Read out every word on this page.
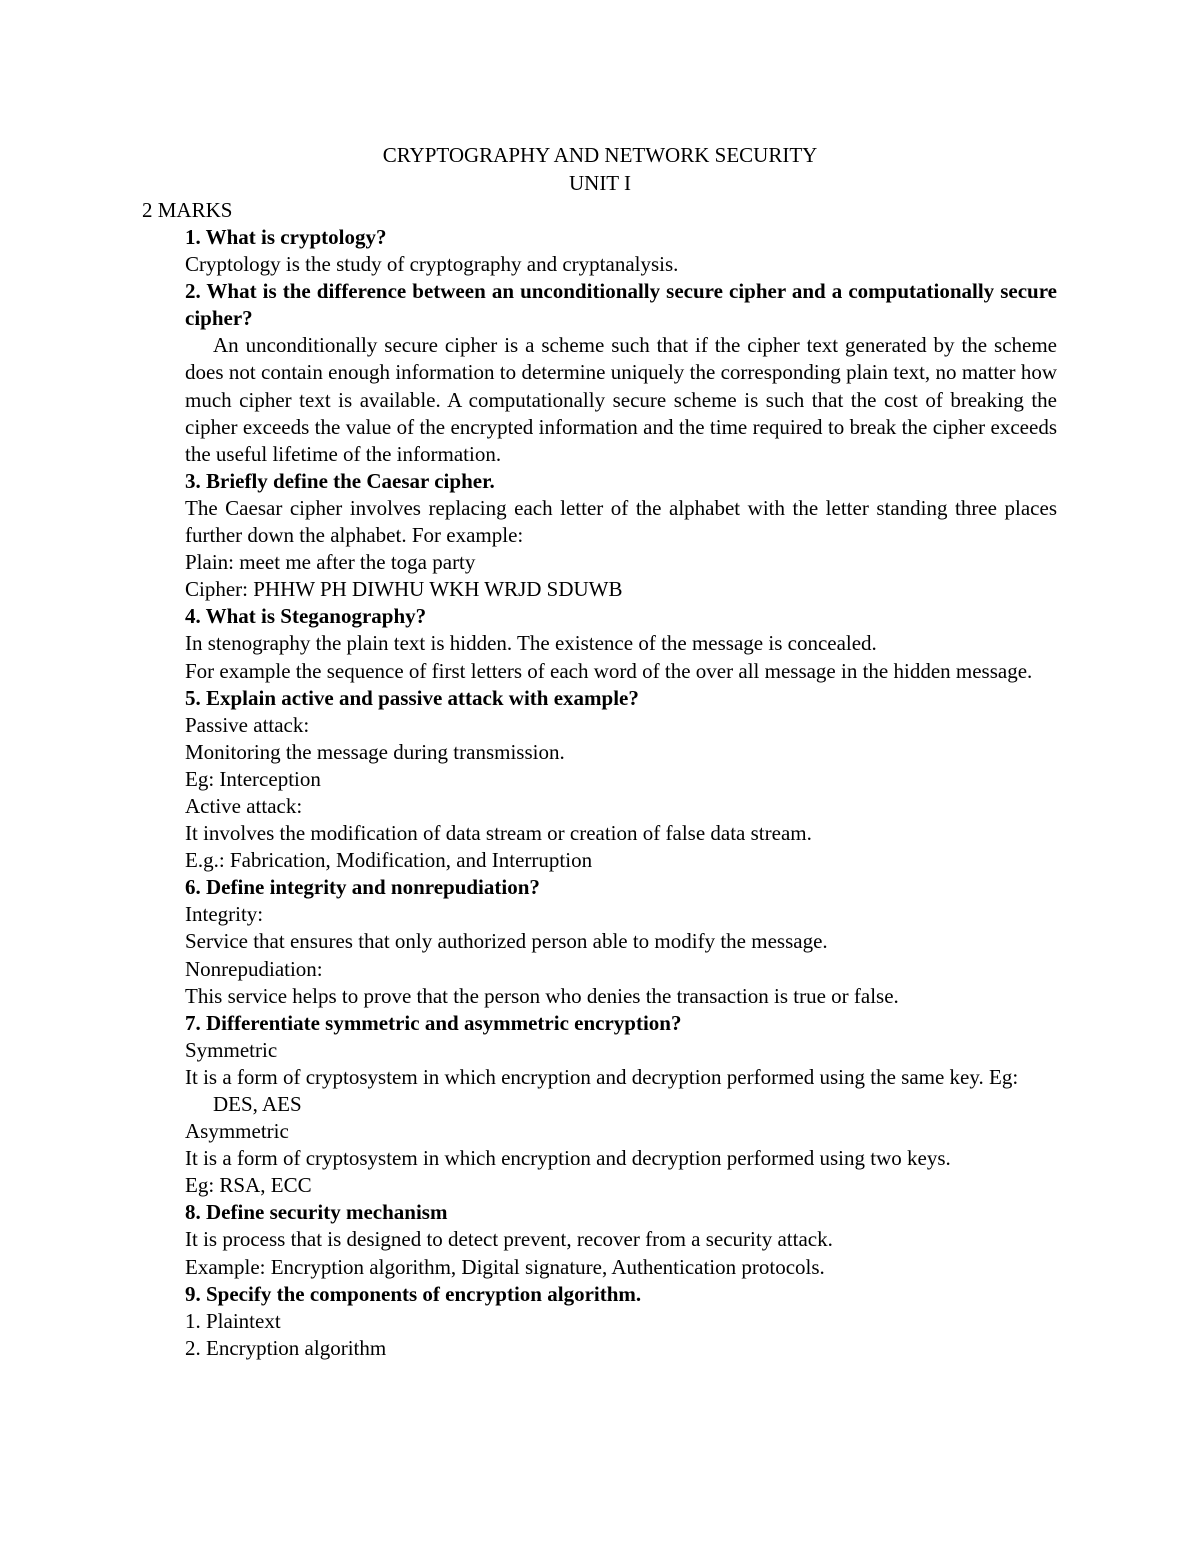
CRYPTOGRAPHY AND NETWORK SECURITY
UNIT I
2 MARKS

1. What is cryptology?

Cryptology is the study of cryptography and cryptanalysis.

2. What is the difference between an unconditionally secure cipher and a computationally secure cipher?

An unconditionally secure cipher is a scheme such that if the cipher text generated by the scheme does not contain enough information to determine uniquely the corresponding plain text, no matter how much cipher text is available. A computationally secure scheme is such that the cost of breaking the cipher exceeds the value of the encrypted information and the time required to break the cipher exceeds the useful lifetime of the information.

3. Briefly define the Caesar cipher.

The Caesar cipher involves replacing each letter of the alphabet with the letter standing three places further down the alphabet. For example:

Plain: meet me after the toga party

Cipher: PHHW PH DIWHU WKH WRJD SDUWB

4. What is Steganography?

In stenography the plain text is hidden. The existence of the message is concealed.

For example the sequence of first letters of each word of the over all message in the hidden message.

5. Explain active and passive attack with example?

Passive attack:

Monitoring the message during transmission.

Eg: Interception

Active attack:

It involves the modification of data stream or creation of false data stream.

E.g.: Fabrication, Modification, and Interruption

6. Define integrity and nonrepudiation?

Integrity:

Service that ensures that only authorized person able to modify the message.

Nonrepudiation:

This service helps to prove that the person who denies the transaction is true or false.

7. Differentiate symmetric and asymmetric encryption?

Symmetric

It is a form of cryptosystem in which encryption and decryption performed using the same key. Eg: DES, AES

Asymmetric

It is a form of cryptosystem in which encryption and decryption performed using two keys.

Eg: RSA, ECC

8. Define security mechanism

It is process that is designed to detect prevent, recover from a security attack.

Example: Encryption algorithm, Digital signature, Authentication protocols.

9. Specify the components of encryption algorithm.

1. Plaintext

2. Encryption algorithm
